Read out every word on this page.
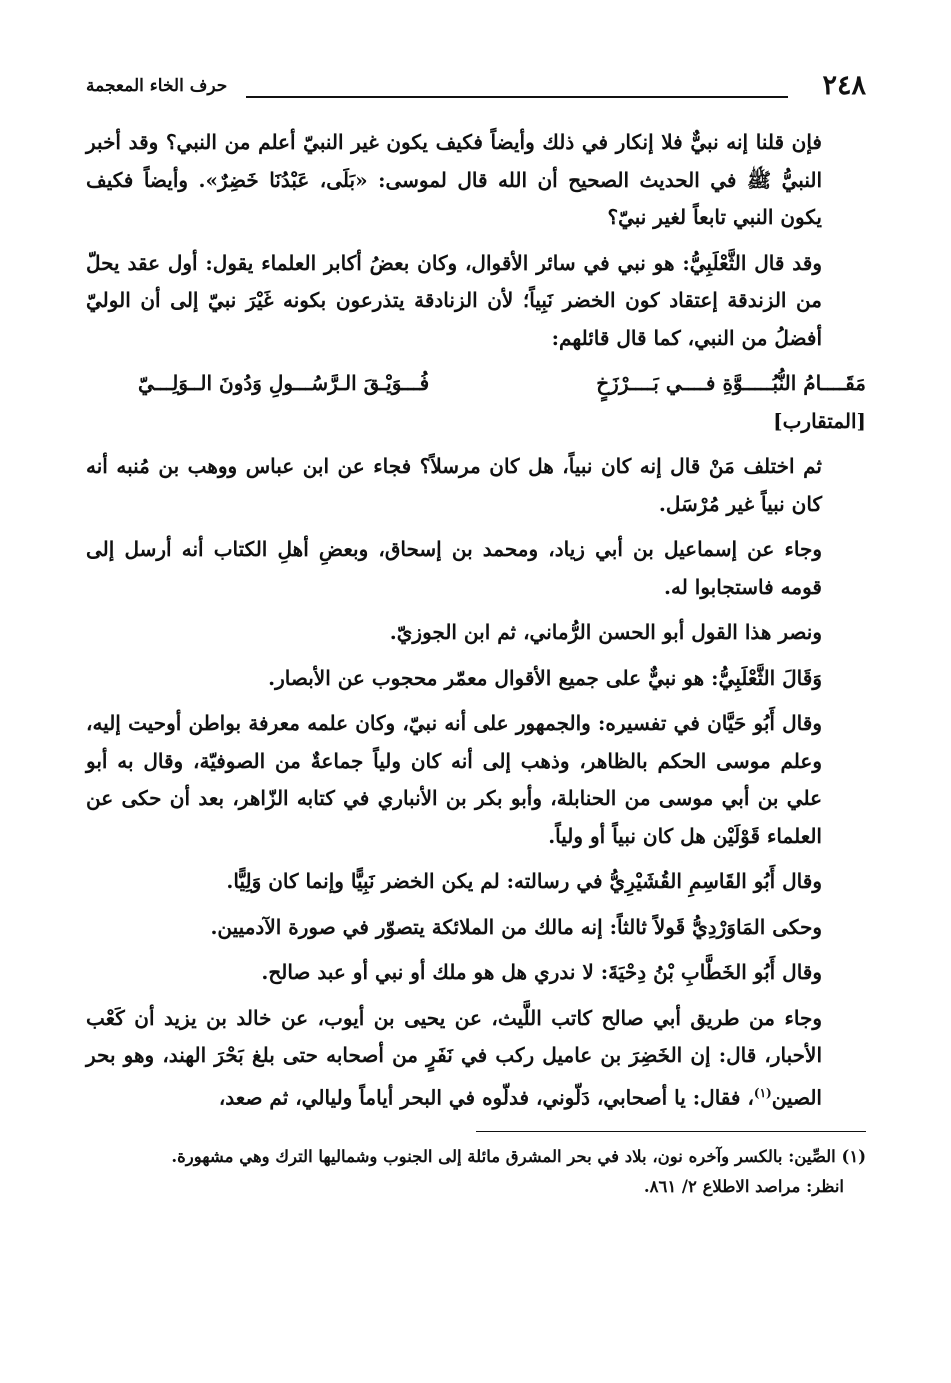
٢٤٨
حرف الخاء المعجمة

فإن قلنا إنه نبيٌّ فلا إنكار في ذلك وأيضاً فكيف يكون غير النبيّ أعلم من النبي؟ وقد أخبر النبيُّ ﷺ في الحديث الصحيح أن الله قال لموسى: «بَلَى، عَبْدُنَا خَضِرٌ». وأيضاً فكيف يكون النبي تابعاً لغير نبيّ؟

وقد قال الثَّعْلَبِيُّ: هو نبي في سائر الأقوال، وكان بعضُ أكابر العلماء يقول: أول عقد يحلّ من الزندقة إعتقاد كون الخضر نَبِياً؛ لأن الزنادقة يتذرعون بكونه غَيْرَ نبيّ إلى أن الوليّ أفضلُ من النبي، كما قال قائلهم:

مَقَــــامُ النُّبُـــــوَّةِ فــــي بَــــرْزَخٍ
فُـــوَيْـقَ الـرَّسُـــولِ وَدُونَ الــوَلِـــيّ
[المتقارب]

ثم اختلف مَنْ قال إنه كان نبياً، هل كان مرسلاً؟ فجاء عن ابن عباس ووهب بن مُنبه أنه كان نبياً غير مُرْسَل.

وجاء عن إسماعيل بن أبي زياد، ومحمد بن إسحاق، وبعضِ أهلِ الكتاب أنه أرسل إلى قومه فاستجابوا له.

ونصر هذا القول أبو الحسن الرُّماني، ثم ابن الجوزيّ.

وَقَالَ الثَّعْلَبِيُّ: هو نبيٌّ على جميع الأقوال معمّر محجوب عن الأبصار.

وقال أَبُو حَيَّان في تفسيره: والجمهور على أنه نبيّ، وكان علمه معرفة بواطن أوحيت إليه، وعلم موسى الحكم بالظاهر، وذهب إلى أنه كان ولياً جماعةٌ من الصوفيّة، وقال به أبو علي بن أبي موسى من الحنابلة، وأبو بكر بن الأنباري في كتابه الزّاهر، بعد أن حكى عن العلماء قَوْلَيْن هل كان نبياً أو ولياً.

وقال أَبُو القَاسِمِ القُشَيْرِيُّ في رسالته: لم يكن الخضر نَبِيًّا وإنما كان وَلِيًّا.

وحكى المَاوَرْدِيُّ قَولاً ثالثاً: إنه مالك من الملائكة يتصوّر في صورة الآدميين.

وقال أَبُو الخَطَّابِ بْنُ دِحْيَةَ: لا ندري هل هو ملك أو نبي أو عبد صالح.

وجاء من طريق أبي صالح كاتب اللَّيث، عن يحيى بن أيوب، عن خالد بن يزيد أن كَعْب الأحبار، قال: إن الخَضِرَ بن عاميل ركب في نَفَرٍ من أصحابه حتى بلغ بَحْرَ الهند، وهو بحر الصين$^{(١)}$، فقال: يا أصحابي، دَلّوني، فدلّوه في البحر أياماً وليالي، ثم صعد،

(١) الصِّين: بالكسر وآخره نون، بلاد في بحر المشرق مائلة إلى الجنوب وشماليها الترك وهي مشهورة.
انظر: مراصد الاطلاع ٢/ ٨٦١.
